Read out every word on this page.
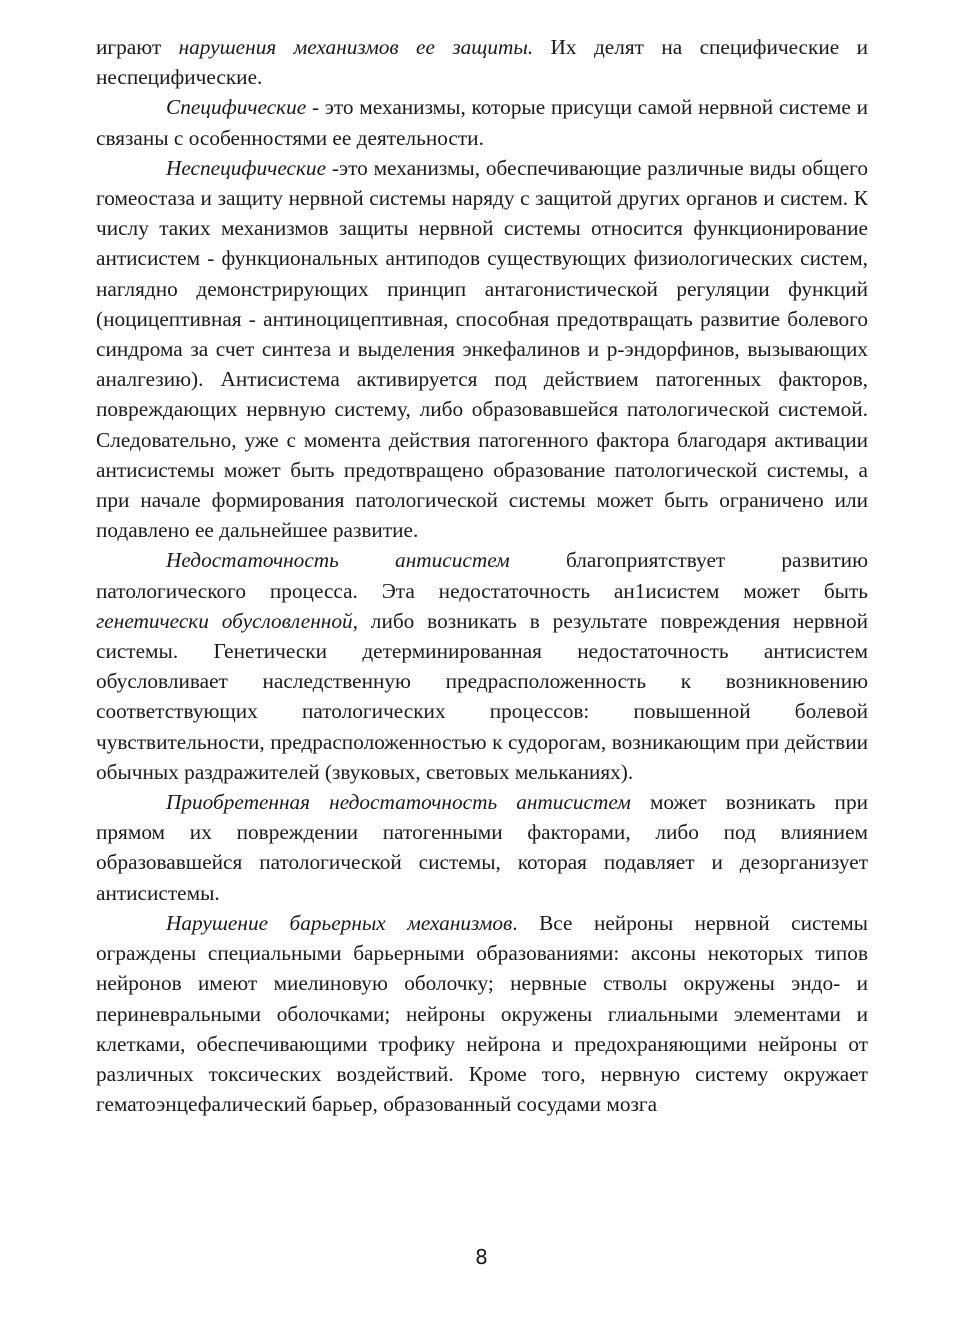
играют нарушения механизмов ее защиты. Их делят на специфические и неспецифические.

Специфические - это механизмы, которые присущи самой нервной системе и связаны с особенностями ее деятельности.

Неспецифические -это механизмы, обеспечивающие различные виды общего гомеостаза и защиту нервной системы наряду с защитой других органов и систем. К числу таких механизмов защиты нервной системы относится функционирование антисистем - функциональных антиподов существующих физиологических систем, наглядно демонстрирующих принцип антагонистической регуляции функций (ноцицептивная - антиноцицептивная, способная предотвращать развитие болевого синдрома за счет синтеза и выделения энкефалинов и р-эндорфинов, вызывающих аналгезию). Антисистема активируется под действием патогенных факторов, повреждающих нервную систему, либо образовавшейся патологической системой. Следовательно, уже с момента действия патогенного фактора благодаря активации антисистемы может быть предотвращено образование патологической системы, а при начале формирования патологической системы может быть ограничено или подавлено ее дальнейшее развитие.

Недостаточность антисистем благоприятствует развитию патологического процесса. Эта недостаточность ан1исистем может быть генетически обусловленной, либо возникать в результате повреждения нервной системы. Генетически детерминированная недостаточность антисистем обусловливает наследственную предрасположенность к возникновению соответствующих патологических процессов: повышенной болевой чувствительности, предрасположенностью к судорогам, возникающим при действии обычных раздражителей (звуковых, световых мельканиях).

Приобретенная недостаточность антисистем может возникать при прямом их повреждении патогенными факторами, либо под влиянием образовавшейся патологической системы, которая подавляет и дезорганизует антисистемы.

Нарушение барьерных механизмов. Все нейроны нервной системы ограждены специальными барьерными образованиями: аксоны некоторых типов нейронов имеют миелиновую оболочку; нервные стволы окружены эндо- и периневральными оболочками; нейроны окружены глиальными элементами и клетками, обеспечивающими трофику нейрона и предохраняющими нейроны от различных токсических воздействий. Кроме того, нервную систему окружает гематоэнцефалический барьер, образованный сосудами мозга

8
